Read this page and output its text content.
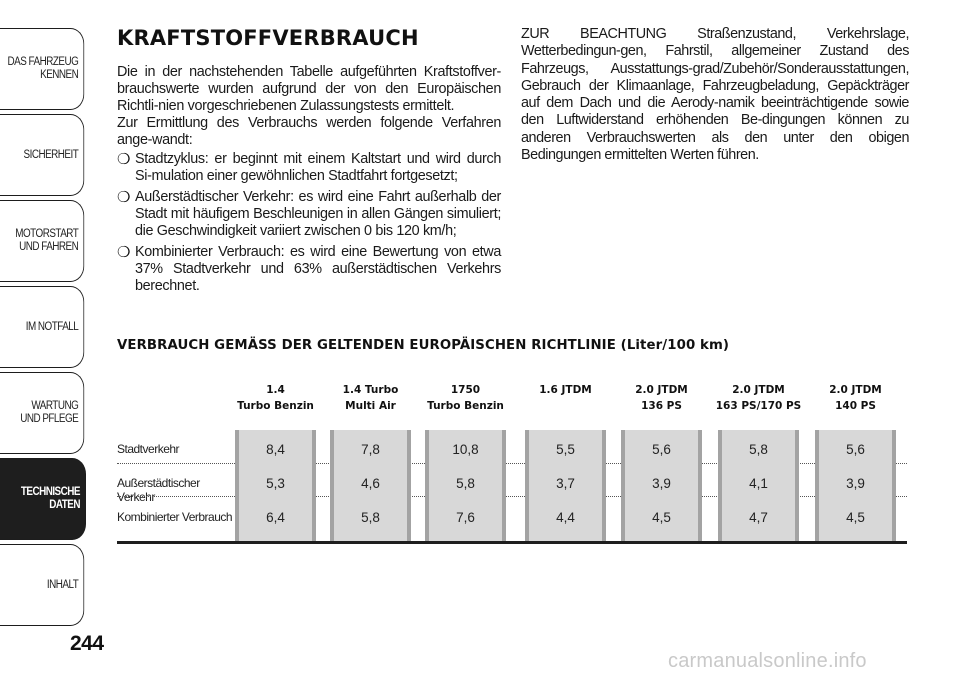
DAS FAHRZEUG
KENNEN
SICHERHEIT
MOTORSTART
UND FAHREN
IM NOTFALL
WARTUNG
UND PFLEGE
TECHNISCHE
DATEN
INHALT
244
KRAFTSTOFFVERBRAUCH

Die in der nachstehenden Tabelle aufgeführten Kraftstoffver-brauchswerte wurden aufgrund der von den Europäischen Richtli-nien vorgeschriebenen Zulassungstests ermittelt.

Zur Ermittlung des Verbrauchs werden folgende Verfahren ange-wandt:

❍ Stadtzyklus: er beginnt mit einem Kaltstart und wird durch Si-mulation einer gewöhnlichen Stadtfahrt fortgesetzt;
❍ Außerstädtischer Verkehr: es wird eine Fahrt außerhalb der Stadt mit häufigem Beschleunigen in allen Gängen simuliert; die Geschwindigkeit variiert zwischen 0 bis 120 km/h;
❍ Kombinierter Verbrauch: es wird eine Bewertung von etwa 37% Stadtverkehr und 63% außerstädtischen Verkehrs berechnet.
ZUR BEACHTUNG Straßenzustand, Verkehrslage, Wetterbedingun-gen, Fahrstil, allgemeiner Zustand des Fahrzeugs, Ausstattungs-grad/Zubehör/Sonderausstattungen, Gebrauch der Klimaanlage, Fahrzeugbeladung, Gepäckträger auf dem Dach und die Aerody-namik beeinträchtigende sowie den Luftwiderstand erhöhenden Be-dingungen können zu anderen Verbrauchswerten als den unter den obigen Bedingungen ermittelten Werten führen.
VERBRAUCH GEMÄSS DER GELTENDEN EUROPÄISCHEN RICHTLINIE (Liter/100 km)
Stadtverkehr
Außerstädtischer Verkehr
Kombinierter Verbrauch
1.4
Turbo Benzin
8,4
5,3
6,4
1.4 Turbo
Multi Air
7,8
4,6
5,8
1750
Turbo Benzin
10,8
5,8
7,6
1.6 JTDM
5,5
3,7
4,4
2.0 JTDM
136 PS
5,6
3,9
4,5
2.0 JTDM
163 PS/170 PS
5,8
4,1
4,7
2.0 JTDM
140 PS
5,6
3,9
4,5
carmanualsonline.info
